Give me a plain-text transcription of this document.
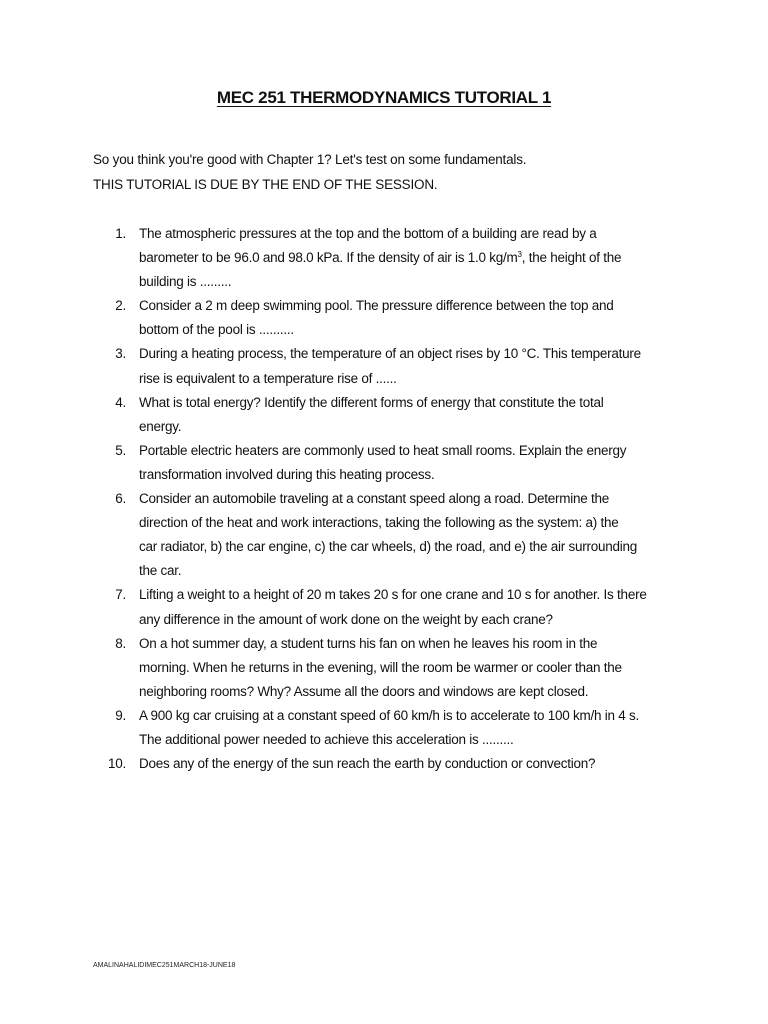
MEC 251 THERMODYNAMICS TUTORIAL 1
So you think you're good with Chapter 1? Let's test on some fundamentals.
THIS TUTORIAL IS DUE BY THE END OF THE SESSION.
1. The atmospheric pressures at the top and the bottom of a building are read by a
barometer to be 96.0 and 98.0 kPa. If the density of air is 1.0 $kg/m^3$, the height of the
building is .........
2. Consider a 2 m deep swimming pool. The pressure difference between the top and
bottom of the pool is ..........
3. During a heating process, the temperature of an object rises by 10 °C. This temperature
rise is equivalent to a temperature rise of ......
4. What is total energy? Identify the different forms of energy that constitute the total
energy.
5. Portable electric heaters are commonly used to heat small rooms. Explain the energy
transformation involved during this heating process.
6. Consider an automobile traveling at a constant speed along a road. Determine the
direction of the heat and work interactions, taking the following as the system: a) the
car radiator, b) the car engine, c) the car wheels, d) the road, and e) the air surrounding
the car.
7. Lifting a weight to a height of 20 m takes 20 s for one crane and 10 s for another. Is there
any difference in the amount of work done on the weight by each crane?
8. On a hot summer day, a student turns his fan on when he leaves his room in the
morning. When he returns in the evening, will the room be warmer or cooler than the
neighboring rooms? Why? Assume all the doors and windows are kept closed.
9. A 900 kg car cruising at a constant speed of 60 km/h is to accelerate to 100 km/h in 4 s.
The additional power needed to achieve this acceleration is .........
10. Does any of the energy of the sun reach the earth by conduction or convection?
AMALINAHALIDIMEC251MARCH18-JUNE18
